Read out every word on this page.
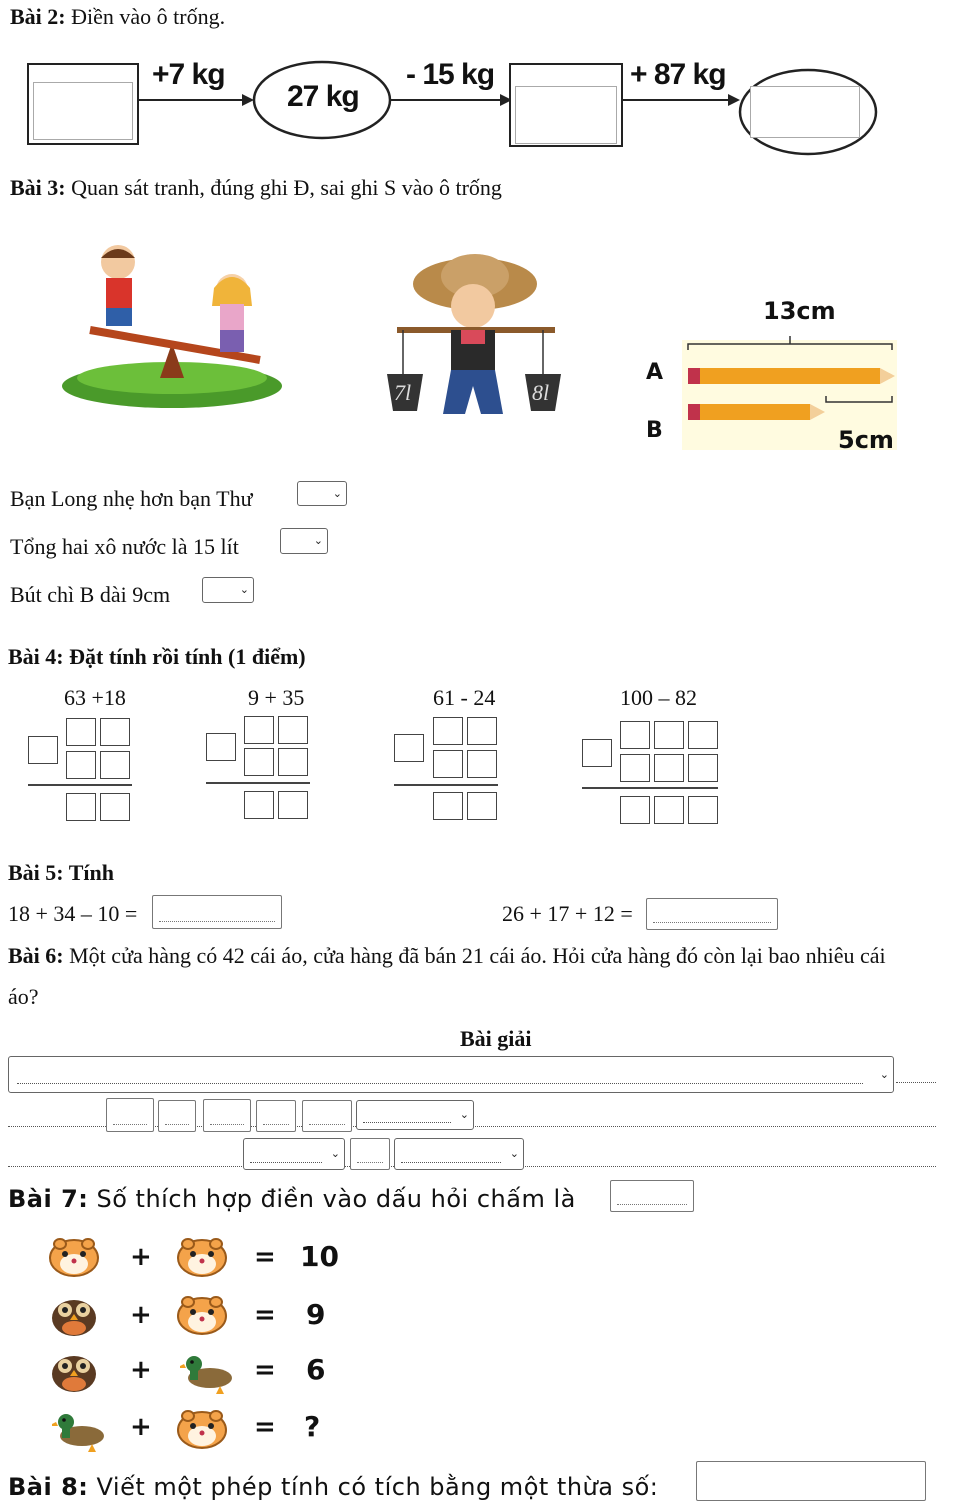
Bài 2: Điền vào ô trống.
+7 kg
27 kg
- 15 kg	+ 87 kg
Bài 3: Quan sát tranh, đúng ghi Đ, sai ghi S vào ô trống
7l	8l
13cm
A
B	5cm
Bạn Long nhẹ hơn bạn Thư	⌄
Tổng hai xô nước là 15 lít	⌄
Bút chì B dài 9cm	⌄
Bài 4: Đặt tính rồi tính (1 điểm)
63 +18	9 + 35	61 - 24	100 – 82
Bài 5: Tính
18 + 34 – 10 =	26 + 17 + 12 =
Bài 6: Một cửa hàng có 42 cái áo, cửa hàng đã bán 21 cái áo. Hỏi cửa hàng đó còn lại bao nhiêu cái
áo?
Bài giải
⌄
⌄
⌄	⌄
Bài 7: Số thích hợp điền vào dấu hỏi chấm là
+	= 10
+	= 9
+	= 6
+	= ?
Bài 8: Viết một phép tính có tích bằng một thừa số:
